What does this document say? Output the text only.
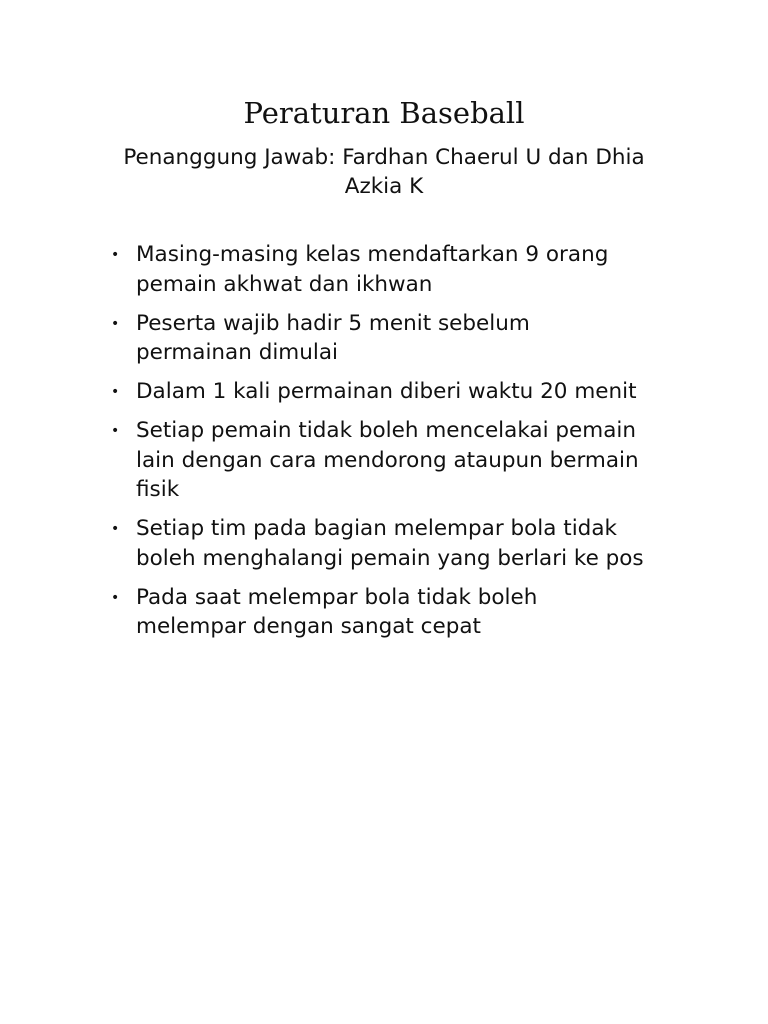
Peraturan Baseball

Penanggung Jawab: Fardhan Chaerul U dan Dhia
Azkia K

• Masing-masing kelas mendaftarkan 9 orang
pemain akhwat dan ikhwan
• Peserta wajib hadir 5 menit sebelum
permainan dimulai
• Dalam 1 kali permainan diberi waktu 20 menit
• Setiap pemain tidak boleh mencelakai pemain
lain dengan cara mendorong ataupun bermain
fisik
• Setiap tim pada bagian melempar bola tidak
boleh menghalangi pemain yang berlari ke pos
• Pada saat melempar bola tidak boleh
melempar dengan sangat cepat
